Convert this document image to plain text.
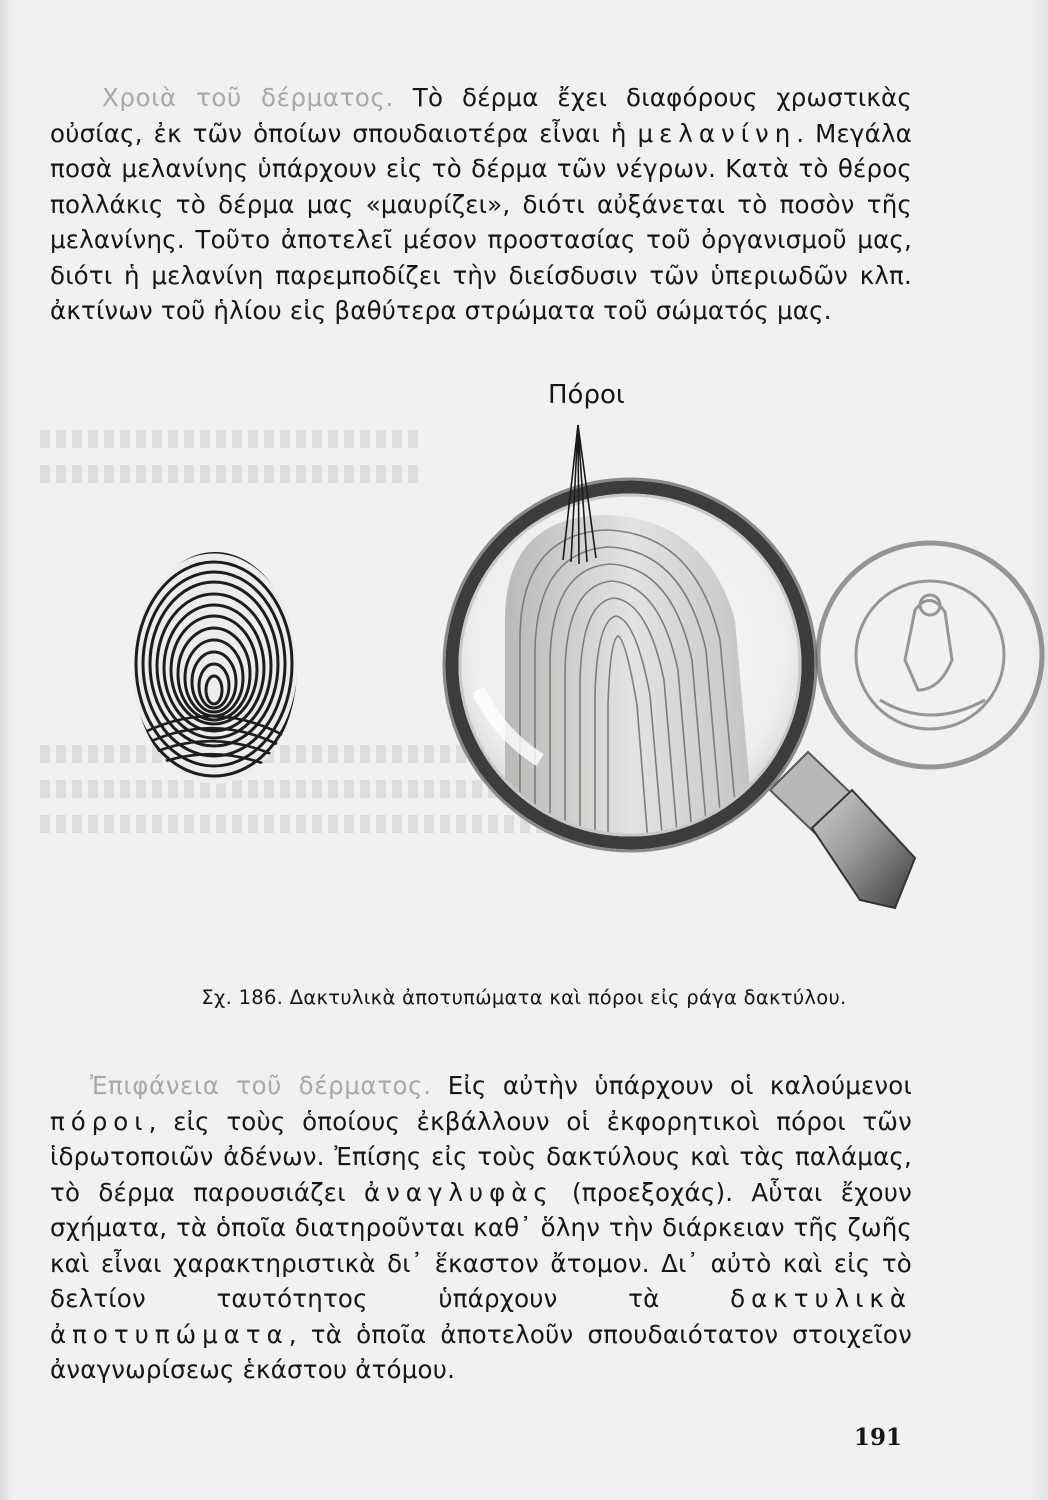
Χροιὰ τοῦ δέρματος. Τὸ δέρμα ἔχει διαφόρους χρωστικὰς οὐσίας, ἐκ τῶν ὁποίων σπουδαιοτέρα εἶναι ἡ μελανίνη. Μεγάλα ποσὰ μελανίνης ὑπάρχουν εἰς τὸ δέρμα τῶν νέγρων. Κατὰ τὸ θέρος πολλάκις τὸ δέρμα μας «μαυρίζει», διότι αὐξάνεται τὸ ποσὸν τῆς μελανίνης. Τοῦτο ἀποτελεῖ μέσον προστασίας τοῦ ὀργανισμοῦ μας, διότι ἡ μελανίνη παρεμποδίζει τὴν διείσδυσιν τῶν ὑπεριωδῶν κλπ. ἀκτίνων τοῦ ἡλίου εἰς βαθύτερα στρώματα τοῦ σώματός μας.
Πόροι
Σχ. 186. Δακτυλικὰ ἀποτυπώματα καὶ πόροι εἰς ράγα δακτύλου.
Ἐπιφάνεια τοῦ δέρματος. Εἰς αὐτὴν ὑπάρχουν οἱ καλούμενοι πόροι, εἰς τοὺς ὁποίους ἐκβάλλουν οἱ ἐκφορητικοὶ πόροι τῶν ἱδρωτοποιῶν ἀδένων. Ἐπίσης εἰς τοὺς δακτύλους καὶ τὰς παλάμας, τὸ δέρμα παρουσιάζει ἀναγλυφὰς (προεξοχάς). Αὗται ἔχουν σχήματα, τὰ ὁποῖα διατηροῦνται καθ᾽ ὅλην τὴν διάρκειαν τῆς ζωῆς καὶ εἶναι χαρακτηριστικὰ δι᾽ ἕκαστον ἄτομον. Δι᾽ αὐτὸ καὶ εἰς τὸ δελτίον ταυτότητος ὑπάρχουν τὰ δακτυλικὰ ἀποτυπώματα, τὰ ὁποῖα ἀποτελοῦν σπουδαιότατον στοιχεῖον ἀναγνωρίσεως ἑκάστου ἀτόμου.
191
